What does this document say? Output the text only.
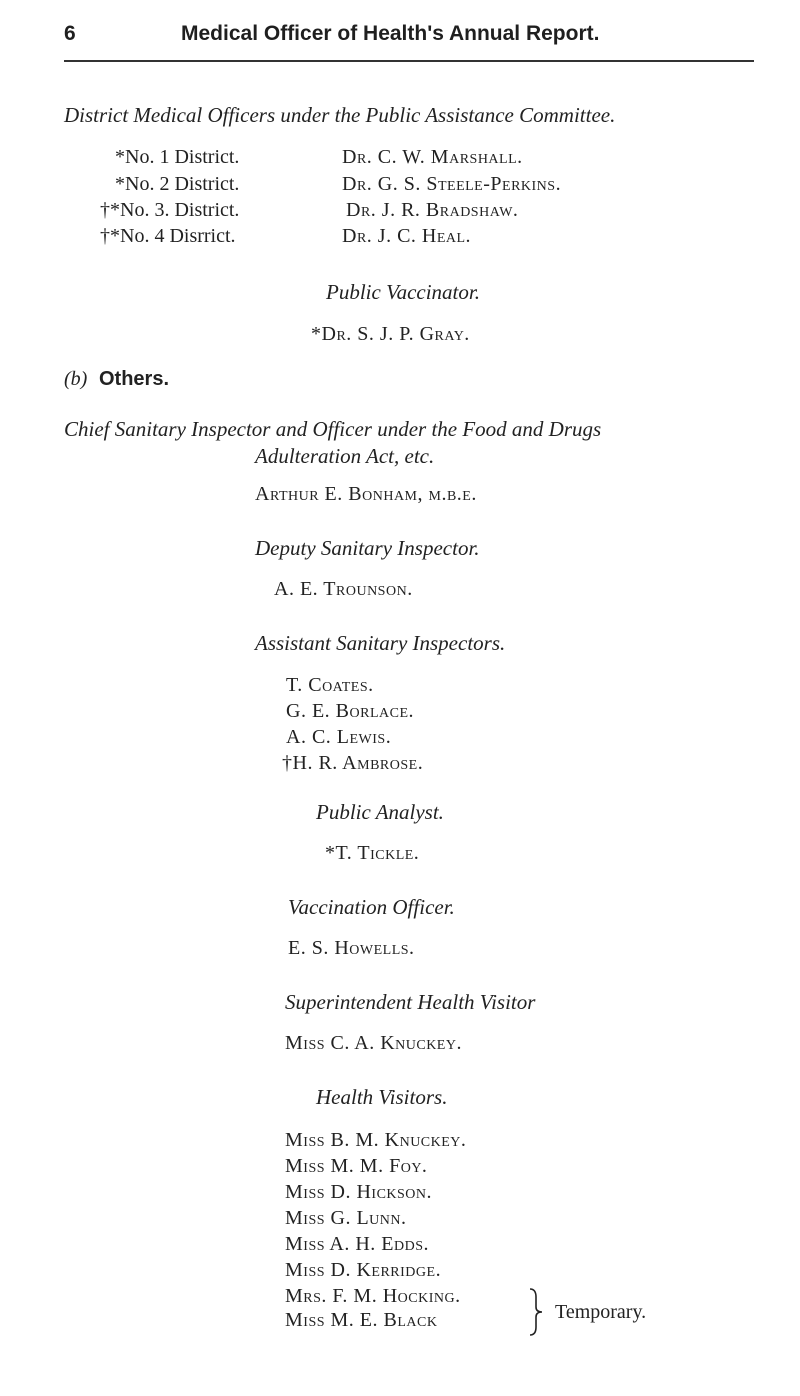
6	Medical Officer of Health's Annual Report.
District Medical Officers under the Public Assistance Committee.
*No. 1 District.	Dr. C. W. Marshall.
*No. 2 District.	Dr. G. S. Steele-Perkins.
†*No. 3. District.	Dr. J. R. Bradshaw.
†*No. 4 Disrrict.	Dr. J. C. Heal.
Public Vaccinator.
*Dr. S. J. P. Gray.
(b) Others.
Chief Sanitary Inspector and Officer under the Food and Drugs
Adulteration Act, etc.
Arthur E. Bonham, m.b.e.
Deputy Sanitary Inspector.
A. E. Trounson.
Assistant Sanitary Inspectors.
T. Coates.
G. E. Borlace.
A. C. Lewis.
†H. R. Ambrose.
Public Analyst.
*T. Tickle.
Vaccination Officer.
E. S. Howells.
Superintendent Health Visitor
Miss C. A. Knuckey.
Health Visitors.
Miss B. M. Knuckey.
Miss M. M. Foy.
Miss D. Hickson.
Miss G. Lunn.
Miss A. H. Edds.
Miss D. Kerridge.
Mrs. F. M. Hocking.
Miss M. E. Black	Temporary.
